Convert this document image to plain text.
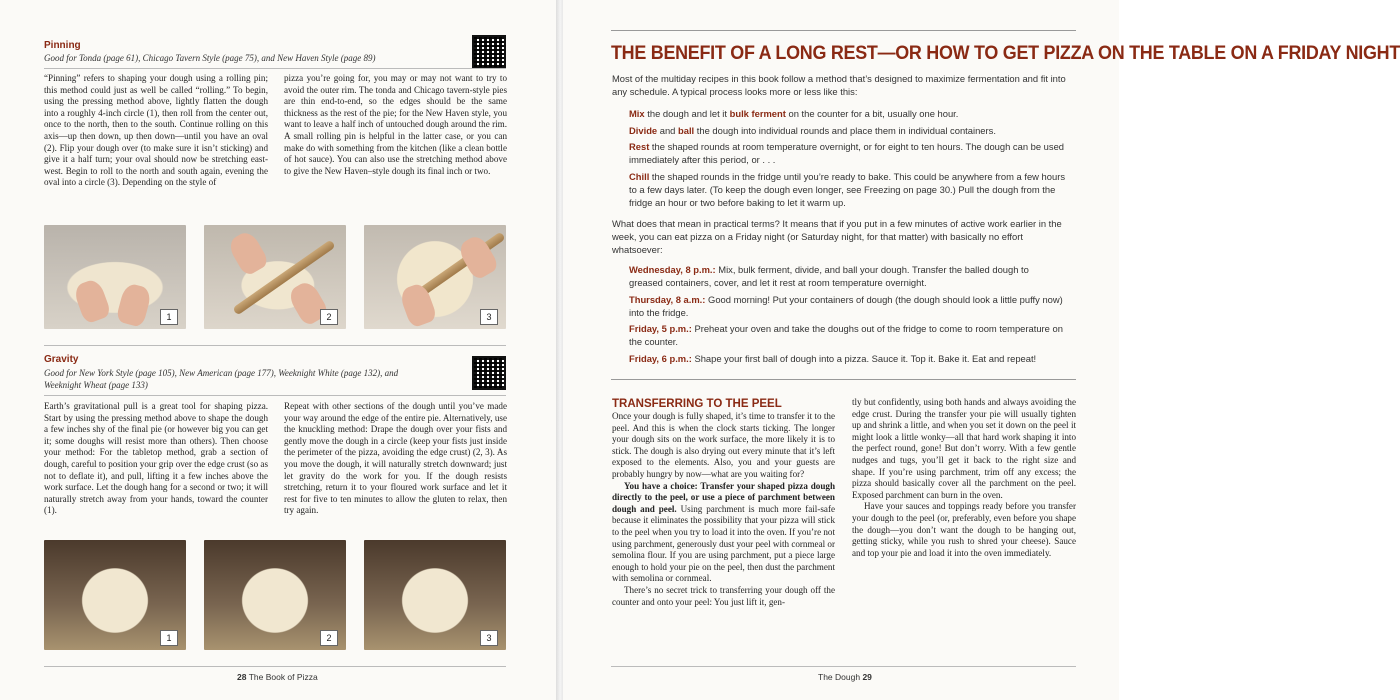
Pinning
Good for Tonda (page 61), Chicago Tavern Style (page 75), and New Haven Style (page 89)
“Pinning” refers to shaping your dough using a rolling pin; this method could just as well be called “rolling.” To begin, using the pressing method above, lightly flatten the dough into a roughly 4-inch circle (1), then roll from the center out, once to the north, then to the south. Continue rolling on this axis—up then down, up then down—until you have an oval (2). Flip your dough over (to make sure it isn’t sticking) and give it a half turn; your oval should now be stretching east-west. Begin to roll to the north and south again, evening the oval into a circle (3). Depending on the style of
pizza you’re going for, you may or may not want to try to avoid the outer rim. The tonda and Chicago tavern-style pies are thin end-to-end, so the edges should be the same thickness as the rest of the pie; for the New Haven style, you want to leave a half inch of untouched dough around the rim. A small rolling pin is helpful in the latter case, or you can make do with something from the kitchen (like a clean bottle of hot sauce). You can also use the stretching method above to give the New Haven–style dough its final inch or two.
1	2	3
Gravity
Good for New York Style (page 105), New American (page 177), Weeknight White (page 132), and Weeknight Wheat (page 133)
Earth’s gravitational pull is a great tool for shaping pizza. Start by using the pressing method above to shape the dough a few inches shy of the final pie (or however big you can get it; some doughs will resist more than others). Then choose your method: For the tabletop method, grab a section of dough, careful to position your grip over the edge crust (so as not to deflate it), and pull, lifting it a few inches above the work surface. Let the dough hang for a second or two; it will naturally stretch away from your hands, toward the counter (1).
Repeat with other sections of the dough until you’ve made your way around the edge of the entire pie. Alternatively, use the knuckling method: Drape the dough over your fists and gently move the dough in a circle (keep your fists just inside the perimeter of the pizza, avoiding the edge crust) (2, 3). As you move the dough, it will naturally stretch downward; just let gravity do the work for you. If the dough resists stretching, return it to your floured work surface and let it rest for five to ten minutes to allow the gluten to relax, then try again.
1	2	3
28 The Book of Pizza
THE BENEFIT OF A LONG REST—OR HOW TO GET PIZZA ON THE TABLE ON A FRIDAY NIGHT
Most of the multiday recipes in this book follow a method that’s designed to maximize fermentation and fit into any schedule. A typical process looks more or less like this:
Mix the dough and let it bulk ferment on the counter for a bit, usually one hour.
Divide and ball the dough into individual rounds and place them in individual containers.
Rest the shaped rounds at room temperature overnight, or for eight to ten hours. The dough can be used immediately after this period, or . . .
Chill the shaped rounds in the fridge until you’re ready to bake. This could be anywhere from a few hours to a few days later. (To keep the dough even longer, see Freezing on page 30.) Pull the dough from the fridge an hour or two before baking to let it warm up.
What does that mean in practical terms? It means that if you put in a few minutes of active work earlier in the week, you can eat pizza on a Friday night (or Saturday night, for that matter) with basically no effort whatsoever:
Wednesday, 8 p.m.: Mix, bulk ferment, divide, and ball your dough. Transfer the balled dough to greased containers, cover, and let it rest at room temperature overnight.
Thursday, 8 a.m.: Good morning! Put your containers of dough (the dough should look a little puffy now) into the fridge.
Friday, 5 p.m.: Preheat your oven and take the doughs out of the fridge to come to room temperature on the counter.
Friday, 6 p.m.: Shape your first ball of dough into a pizza. Sauce it. Top it. Bake it. Eat and repeat!
TRANSFERRING TO THE PEEL
Once your dough is fully shaped, it’s time to transfer it to the peel. And this is when the clock starts ticking. The longer your dough sits on the work surface, the more likely it is to stick. The dough is also drying out every minute that it’s left exposed to the elements. Also, you and your guests are probably hungry by now—what are you waiting for?
You have a choice: Transfer your shaped pizza dough directly to the peel, or use a piece of parchment between dough and peel. Using parchment is much more fail-safe because it eliminates the possibility that your pizza will stick to the peel when you try to load it into the oven. If you’re not using parchment, generously dust your peel with cornmeal or semolina flour. If you are using parchment, put a piece large enough to hold your pie on the peel, then dust the parchment with semolina or cornmeal.
There’s no secret trick to transferring your dough off the counter and onto your peel: You just lift it, gen-
tly but confidently, using both hands and always avoiding the edge crust. During the transfer your pie will usually tighten up and shrink a little, and when you set it down on the peel it might look a little wonky—all that hard work shaping it into the perfect round, gone! But don’t worry. With a few gentle nudges and tugs, you’ll get it back to the right size and shape. If you’re using parchment, trim off any excess; the pizza should basically cover all the parchment on the peel. Exposed parchment can burn in the oven.
Have your sauces and toppings ready before you transfer your dough to the peel (or, preferably, even before you shape the dough—you don’t want the dough to be hanging out, getting sticky, while you rush to shred your cheese). Sauce and top your pie and load it into the oven immediately.
The Dough 29
